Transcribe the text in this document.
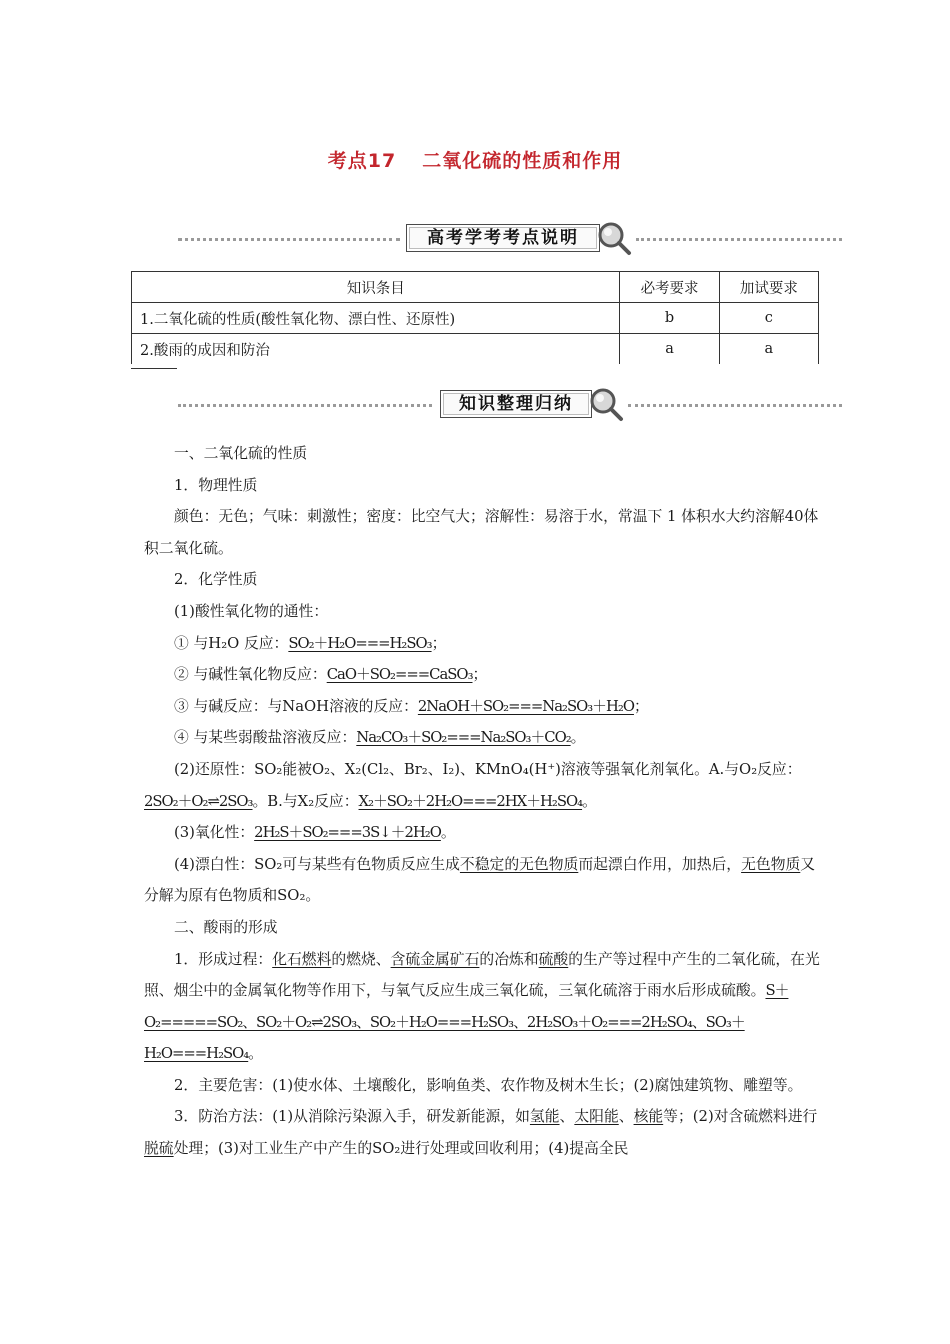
考点17 二氧化硫的性质和作用
高考学考考点说明
知识条目	必考要求	加试要求
1.二氧化硫的性质(酸性氧化物、漂白性、还原性)	b	c
2.酸雨的成因和防治	a	a
知识整理归纳

一、二氧化硫的性质

1．物理性质

颜色：无色；气味：刺激性；密度：比空气大；溶解性：易溶于水，常温下 1 体积水大约溶解40体积二氧化硫。

2．化学性质

(1)酸性氧化物的通性：

① 与H₂O 反应：SO₂＋H₂O===H₂SO₃；

② 与碱性氧化物反应：CaO＋SO₂===CaSO₃；

③ 与碱反应：与NaOH溶液的反应：2NaOH＋SO₂===Na₂SO₃＋H₂O；

④ 与某些弱酸盐溶液反应：Na₂CO₃＋SO₂===Na₂SO₃＋CO₂。

(2)还原性：SO₂能被O₂、X₂(Cl₂、Br₂、I₂)、KMnO₄(H⁺)溶液等强氧化剂氧化。A.与O₂反应：2SO₂＋O₂⇌2SO₃。B.与X₂反应：X₂＋SO₂＋2H₂O===2HX＋H₂SO₄。

(3)氧化性：2H₂S＋SO₂===3S↓＋2H₂O。

(4)漂白性：SO₂可与某些有色物质反应生成不稳定的无色物质而起漂白作用，加热后，无色物质又分解为原有色物质和SO₂。

二、酸雨的形成

1．形成过程：化石燃料的燃烧、含硫金属矿石的冶炼和硫酸的生产等过程中产生的二氧化硫，在光照、烟尘中的金属氧化物等作用下，与氧气反应生成三氧化硫，三氧化硫溶于雨水后形成硫酸。S＋O₂=====SO₂、SO₂＋O₂⇌2SO₃、SO₂＋H₂O===H₂SO₃、2H₂SO₃＋O₂===2H₂SO₄、SO₃＋H₂O===H₂SO₄。

2．主要危害：(1)使水体、土壤酸化，影响鱼类、农作物及树木生长；(2)腐蚀建筑物、雕塑等。

3．防治方法：(1)从消除污染源入手，研发新能源，如氢能、太阳能、核能等；(2)对含硫燃料进行脱硫处理；(3)对工业生产中产生的SO₂进行处理或回收利用；(4)提高全民
